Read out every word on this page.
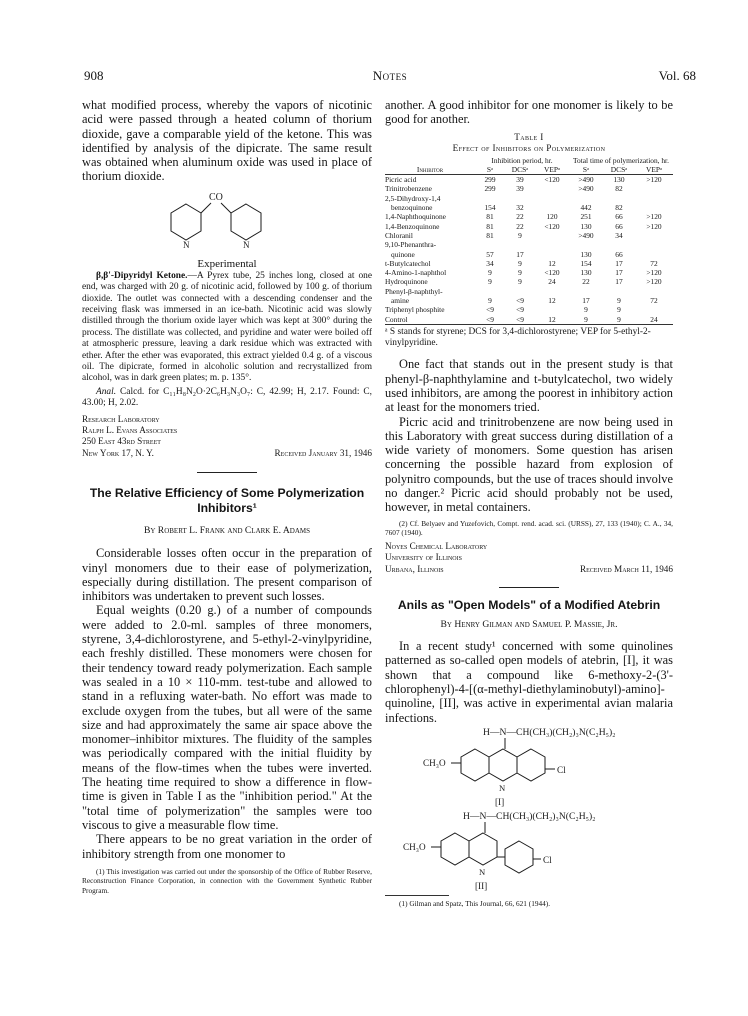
908	Notes	Vol. 68

what modified process, whereby the vapors of nicotinic acid were passed through a heated column of thorium dioxide, gave a comparable yield of the ketone. This was identified by analysis of the dipicrate. The same result was obtained when aluminum oxide was used in place of thorium dioxide.

CO
N	N

Experimental

β,β'-Dipyridyl Ketone.—A Pyrex tube, 25 inches long, closed at one end, was charged with 20 g. of nicotinic acid, followed by 100 g. of thorium dioxide. The outlet was connected with a descending condenser and the receiving flask was immersed in an ice-bath. Nicotinic acid was slowly distilled through the thorium oxide layer which was kept at 300° during the process. The distillate was collected, and pyridine and water were boiled off at atmospheric pressure, leaving a dark residue which was extracted with ether. After the ether was evaporated, this extract yielded 0.4 g. of a viscous oil. The dipicrate, formed in alcoholic solution and recrystallized from alcohol, was in dark green plates; m. p. 135°.

Anal. Calcd. for C₁₁H₈N₂O·2C₆H₃N₃O₇: C, 42.99; H, 2.17. Found: C, 43.00; H, 2.02.

Research Laboratory
Ralph L. Evans Associates
250 East 43rd Street
New York 17, N. Y.	Received January 31, 1946
The Relative Efficiency of Some Polymerization Inhibitors¹
By Robert L. Frank and Clark E. Adams

Considerable losses often occur in the preparation of vinyl monomers due to their ease of polymerization, especially during distillation. The present comparison of inhibitors was undertaken to prevent such losses.

Equal weights (0.20 g.) of a number of compounds were added to 2.0-ml. samples of three monomers, styrene, 3,4-dichlorostyrene, and 5-ethyl-2-vinylpyridine, each freshly distilled. These monomers were chosen for their tendency toward ready polymerization. Each sample was sealed in a 10 × 110-mm. test-tube and allowed to stand in a refluxing water-bath. No effort was made to exclude oxygen from the tubes, but all were of the same size and had approximately the same air space above the monomer–inhibitor mixtures. The fluidity of the samples was periodically compared with the initial fluidity by means of the flow-times when the tubes were inverted. The heating time required to show a difference in flow-time is given in Table I as the "inhibition period." At the "total time of polymerization" the samples were too viscous to give a measurable flow time.

There appears to be no great variation in the order of inhibitory strength from one monomer to

(1) This investigation was carried out under the sponsorship of the Office of Rubber Reserve, Reconstruction Finance Corporation, in connection with the Government Synthetic Rubber Program.

another. A good inhibitor for one monomer is likely to be good for another.

Table I
Effect of Inhibitors on Polymerization
	Inhibition period, hr.			Total time of polymerization, hr.		
Inhibitor	Sᵃ	DCSᵃ	VEPᵃ	Sᵃ	DCSᵃ	VEPᵃ
Picric acid	299	39	<120	>490	130	>120
Trinitrobenzene	299	39		>490	82	
2,5-Dihydroxy-1,4						
benzoquinone	154	32		442	82	
1,4-Naphthoquinone	81	22	120	251	66	>120
1,4-Benzoquinone	81	22	<120	130	66	>120
Chloranil	81	9		>490	34	
9,10-Phenanthra-						
quinone	57	17		130	66	
t-Butylcatechol	34	9	12	154	17	72
4-Amino-1-naphthol	9	9	<120	130	17	>120
Hydroquinone	9	9	24	22	17	>120
Phenyl-β-naphthyl-						
amine	9	<9	12	17	9	72
Triphenyl phosphite	<9	<9		9	9	
Control	<9	<9	12	9	9	24
ᵃ S stands for styrene; DCS for 3,4-dichlorostyrene; VEP for 5-ethyl-2-vinylpyridine.

One fact that stands out in the present study is that phenyl-β-naphthylamine and t-butylcatechol, two widely used inhibitors, are among the poorest in inhibitory action at least for the monomers tried.

Picric acid and trinitrobenzene are now being used in this Laboratory with great success during distillation of a wide variety of monomers. Some question has arisen concerning the possible hazard from explosion of polynitro compounds, but the use of traces should involve no danger.² Picric acid should probably not be used, however, in metal containers.

(2) Cf. Belyaev and Yuzefovich, Compt. rend. acad. sci. (URSS), 27, 133 (1940); C. A., 34, 7607 (1940).

Noyes Chemical Laboratory
University of Illinois
Urbana, Illinois	Received March 11, 1946
Anils as "Open Models" of a Modified Atebrin
By Henry Gilman and Samuel P. Massie, Jr.

In a recent study¹ concerned with some quinolines patterned as so-called open models of atebrin, [I], it was shown that a compound like 6-methoxy-2-(3'-chlorophenyl)-4-[(α-methyl-diethylaminobutyl)-amino]-quinoline, [II], was active in experimental avian malaria infections.

H—N—CH(CH₃)(CH₂)₃N(C₂H₅)₂
CH₃O
N
Cl
[I]
H—N—CH(CH₃)(CH₂)₃N(C₂H₅)₂
CH₃O
N
Cl
[II]

(1) Gilman and Spatz, This Journal, 66, 621 (1944).
